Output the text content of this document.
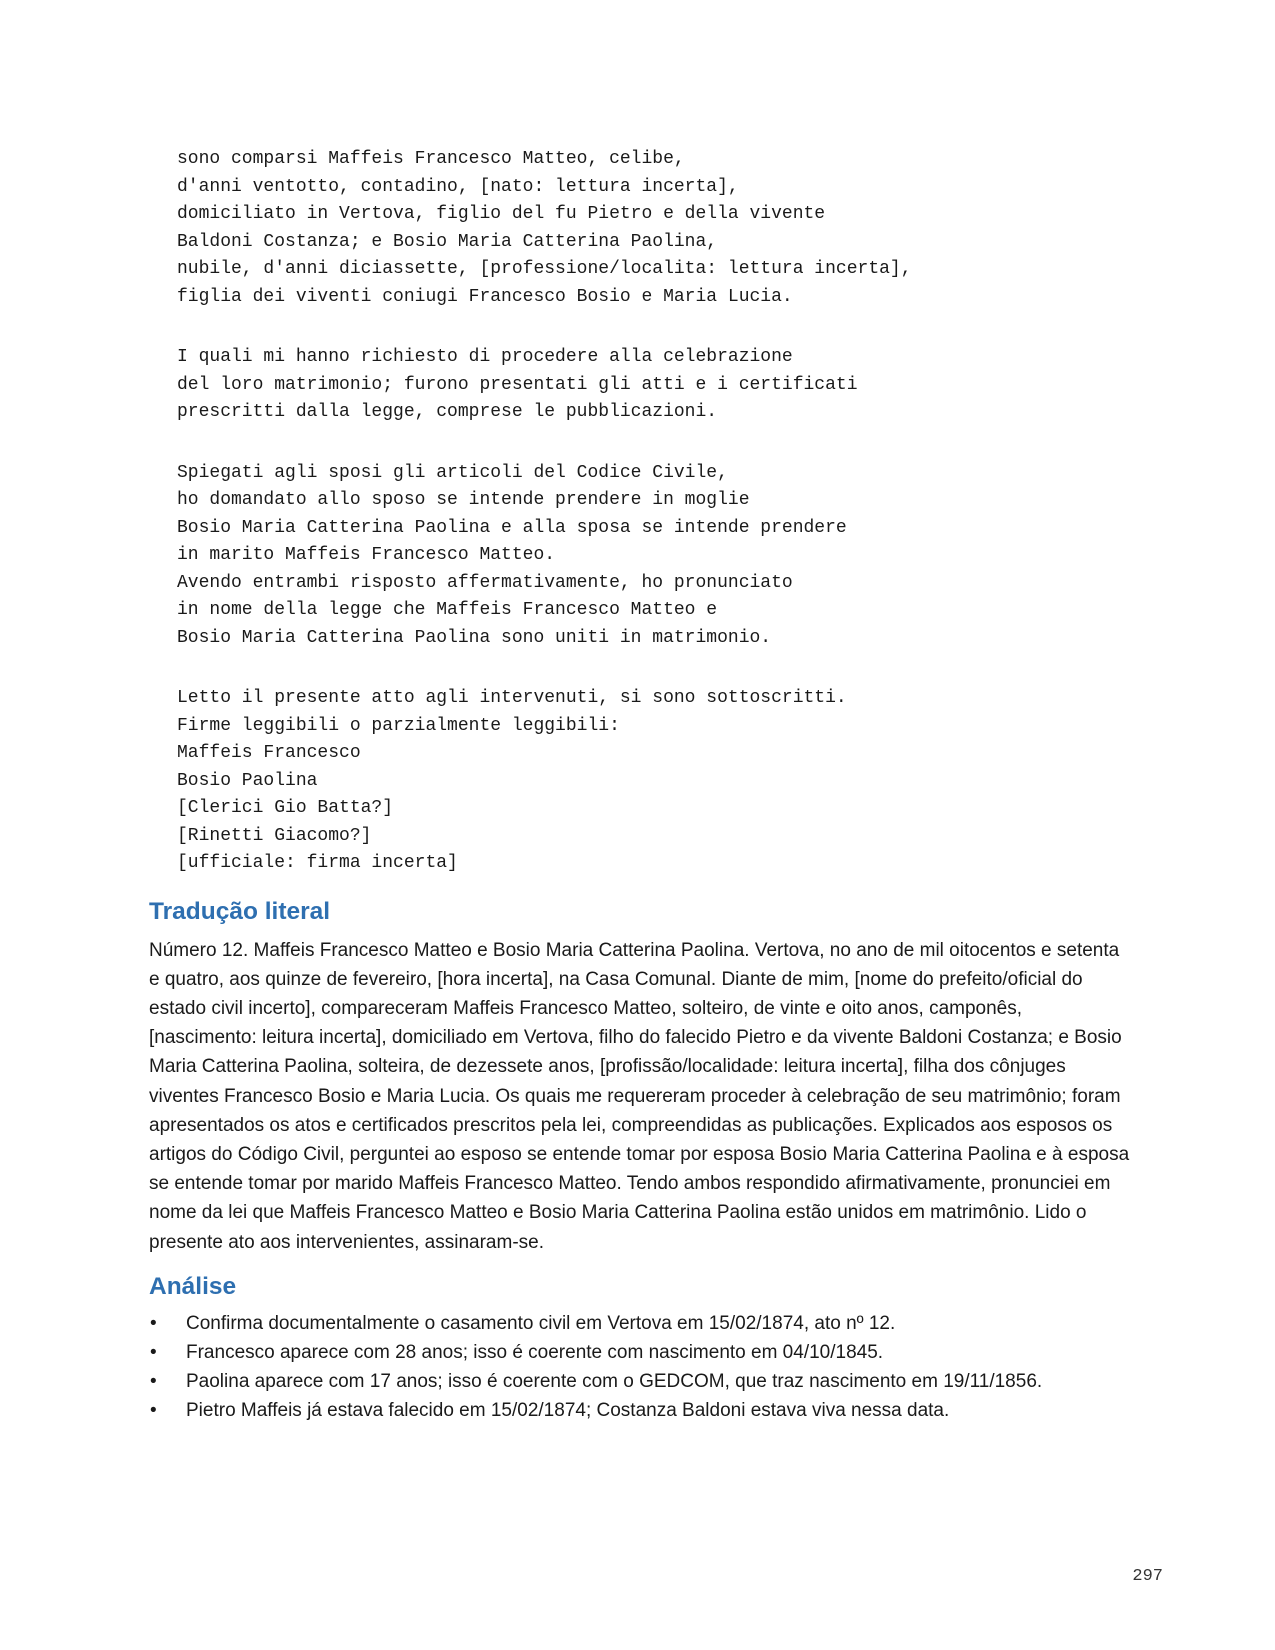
sono comparsi Maffeis Francesco Matteo, celibe,
d'anni ventotto, contadino, [nato: lettura incerta],
domiciliato in Vertova, figlio del fu Pietro e della vivente
Baldoni Costanza; e Bosio Maria Catterina Paolina,
nubile, d'anni diciassette, [professione/localita: lettura incerta],
figlia dei viventi coniugi Francesco Bosio e Maria Lucia.
I quali mi hanno richiesto di procedere alla celebrazione
del loro matrimonio; furono presentati gli atti e i certificati
prescritti dalla legge, comprese le pubblicazioni.
Spiegati agli sposi gli articoli del Codice Civile,
ho domandato allo sposo se intende prendere in moglie
Bosio Maria Catterina Paolina e alla sposa se intende prendere
in marito Maffeis Francesco Matteo.
Avendo entrambi risposto affermativamente, ho pronunciato
in nome della legge che Maffeis Francesco Matteo e
Bosio Maria Catterina Paolina sono uniti in matrimonio.
Letto il presente atto agli intervenuti, si sono sottoscritti.
Firme leggibili o parzialmente leggibili:
Maffeis Francesco
Bosio Paolina
[Clerici Gio Batta?]
[Rinetti Giacomo?]
[ufficiale: firma incerta]
Tradução literal

Número 12. Maffeis Francesco Matteo e Bosio Maria Catterina Paolina. Vertova, no ano de mil oitocentos e setenta e quatro, aos quinze de fevereiro, [hora incerta], na Casa Comunal. Diante de mim, [nome do prefeito/oficial do estado civil incerto], compareceram Maffeis Francesco Matteo, solteiro, de vinte e oito anos, camponês, [nascimento: leitura incerta], domiciliado em Vertova, filho do falecido Pietro e da vivente Baldoni Costanza; e Bosio Maria Catterina Paolina, solteira, de dezessete anos, [profissão/localidade: leitura incerta], filha dos cônjuges viventes Francesco Bosio e Maria Lucia. Os quais me requereram proceder à celebração de seu matrimônio; foram apresentados os atos e certificados prescritos pela lei, compreendidas as publicações. Explicados aos esposos os artigos do Código Civil, perguntei ao esposo se entende tomar por esposa Bosio Maria Catterina Paolina e à esposa se entende tomar por marido Maffeis Francesco Matteo. Tendo ambos respondido afirmativamente, pronunciei em nome da lei que Maffeis Francesco Matteo e Bosio Maria Catterina Paolina estão unidos em matrimônio. Lido o presente ato aos intervenientes, assinaram-se.

Análise
• Confirma documentalmente o casamento civil em Vertova em 15/02/1874, ato nº 12.
• Francesco aparece com 28 anos; isso é coerente com nascimento em 04/10/1845.
• Paolina aparece com 17 anos; isso é coerente com o GEDCOM, que traz nascimento em 19/11/1856.
• Pietro Maffeis já estava falecido em 15/02/1874; Costanza Baldoni estava viva nessa data.
297
